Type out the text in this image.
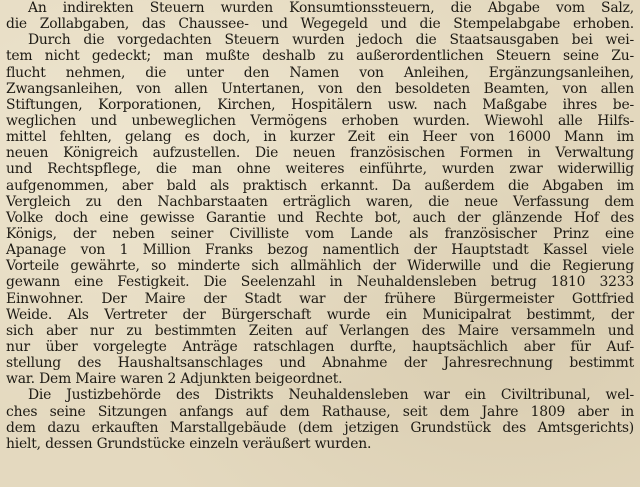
An indirekten Steuern wurden Konsumtionssteuern, die Abgabe vom Salz,
die Zollabgaben, das Chaussee- und Wegegeld und die Stempelabgabe erhoben.
Durch die vorgedachten Steuern wurden jedoch die Staatsausgaben bei wei-
tem nicht gedeckt; man mußte deshalb zu außerordentlichen Steuern seine Zu-
flucht nehmen, die unter den Namen von Anleihen, Ergänzungsanleihen,
Zwangsanleihen, von allen Untertanen, von den besoldeten Beamten, von allen
Stiftungen, Korporationen, Kirchen, Hospitälern usw. nach Maßgabe ihres be-
weglichen und unbeweglichen Vermögens erhoben wurden. Wiewohl alle Hilfs-
mittel fehlten, gelang es doch, in kurzer Zeit ein Heer von 16000 Mann im
neuen Königreich aufzustellen. Die neuen französischen Formen in Verwaltung
und Rechtspflege, die man ohne weiteres einführte, wurden zwar widerwillig
aufgenommen, aber bald als praktisch erkannt. Da außerdem die Abgaben im
Vergleich zu den Nachbarstaaten erträglich waren, die neue Verfassung dem
Volke doch eine gewisse Garantie und Rechte bot, auch der glänzende Hof des
Königs, der neben seiner Civilliste vom Lande als französischer Prinz eine
Apanage von 1 Million Franks bezog namentlich der Hauptstadt Kassel viele
Vorteile gewährte, so minderte sich allmählich der Widerwille und die Regierung
gewann eine Festigkeit. Die Seelenzahl in Neuhaldensleben betrug 1810 3233
Einwohner. Der Maire der Stadt war der frühere Bürgermeister Gottfried
Weide. Als Vertreter der Bürgerschaft wurde ein Municipalrat bestimmt, der
sich aber nur zu bestimmten Zeiten auf Verlangen des Maire versammeln und
nur über vorgelegte Anträge ratschlagen durfte, hauptsächlich aber für Auf-
stellung des Haushaltsanschlages und Abnahme der Jahresrechnung bestimmt
war. Dem Maire waren 2 Adjunkten beigeordnet.
Die Justizbehörde des Distrikts Neuhaldensleben war ein Civiltribunal, wel-
ches seine Sitzungen anfangs auf dem Rathause, seit dem Jahre 1809 aber in
dem dazu erkauften Marstallgebäude (dem jetzigen Grundstück des Amtsgerichts)
hielt, dessen Grundstücke einzeln veräußert wurden.
